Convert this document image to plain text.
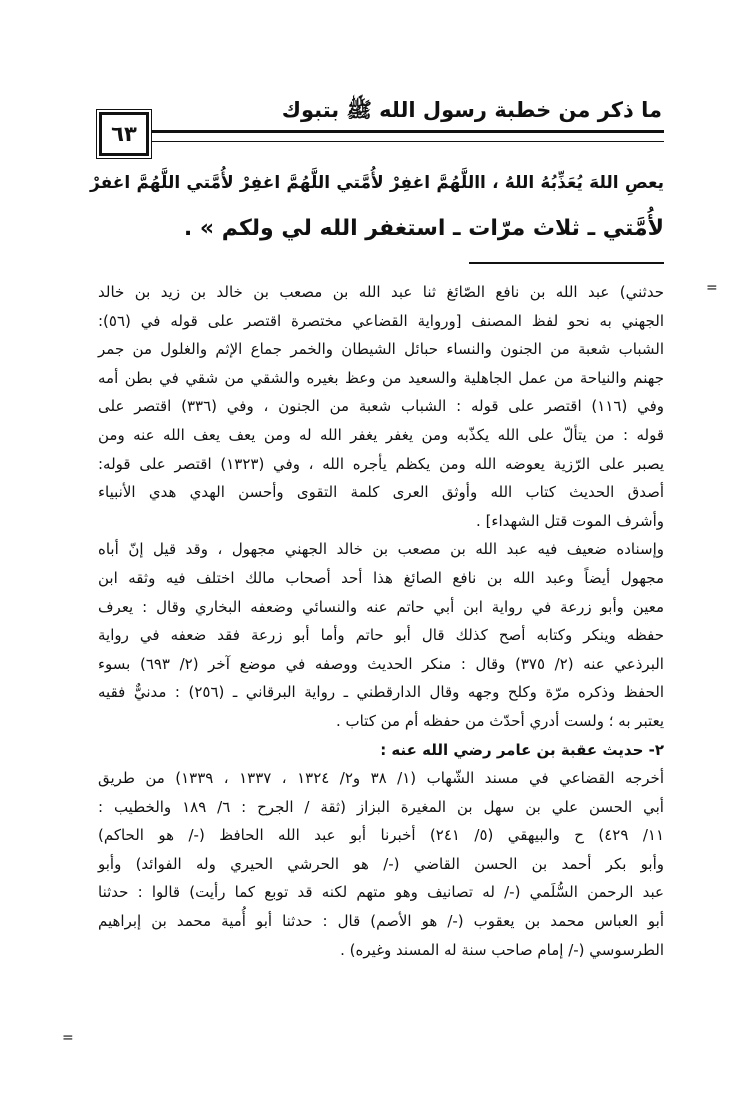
ما ذكر من خطبة رسول الله ﷺ بتبوك
٦٣
يعصِ اللهَ يُعَذِّبُهُ اللهُ ، االلَّهُمَّ اغفِرْ لأُمَّتي اللَّهُمَّ اغفِرْ لأُمَّتي اللَّهُمَّ اغفرْ
لأُمَّتي ـ ثلاث مرّات ـ استغفر الله لي ولكم » .
=
=
حدثني) عبد الله بن نافع الصّائغ ثنا عبد الله بن مصعب بن خالد بن زيد بن خالد
الجهني به نحو لفظ المصنف [ورواية القضاعي مختصرة اقتصر على قوله في (٥٦):
الشباب شعبة من الجنون والنساء حبائل الشيطان والخمر جماع الإثم والغلول من جمر
جهنم والنياحة من عمل الجاهلية والسعيد من وعظ بغيره والشقي من شقي في بطن أمه
وفي (١١٦) اقتصر على قوله : الشباب شعبة من الجنون ، وفي (٣٣٦) اقتصر على
قوله : من يتألّ على الله يكذّبه ومن يغفر يغفر الله له ومن يعف يعف الله عنه ومن
يصبر على الرّزية يعوضه الله ومن يكظم يأجره الله ، وفي (١٣٢٣) اقتصر على قوله:
أصدق الحديث كتاب الله وأوثق العرى كلمة التقوى وأحسن الهدي هدي الأنبياء
وأشرف الموت قتل الشهداء] .
وإسناده ضعيف فيه عبد الله بن مصعب بن خالد الجهني مجهول ، وقد قيل إنّ أباه
مجهول أيضاً وعبد الله بن نافع الصائغ هذا أحد أصحاب مالك اختلف فيه وثقه ابن
معين وأبو زرعة في رواية ابن أبي حاتم عنه والنسائي وضعفه البخاري وقال : يعرف
حفظه وينكر وكتابه أصح كذلك قال أبو حاتم وأما أبو زرعة فقد ضعفه في رواية
البرذعي عنه (٢/ ٣٧٥) وقال : منكر الحديث ووصفه في موضع آخر (٢/ ٦٩٣) بسوء
الحفظ وذكره مرّة وكلح وجهه وقال الدارقطني ـ رواية البرقاني ـ (٢٥٦) : مدنيٌّ فقيه
يعتبر به ؛ ولست أدري أحدّث من حفظه أم من كتاب .
٢- حديث عقبة بن عامر رضي الله عنه :
أخرجه القضاعي في مسند الشّهاب (١/ ٣٨ و٢/ ١٣٢٤ ، ١٣٣٧ ، ١٣٣٩) من طريق
أبي الحسن علي بن سهل بن المغيرة البزاز (ثقة / الجرح : ٦/ ١٨٩ والخطيب :
١١/ ٤٢٩) ح والبيهقي (٥/ ٢٤١) أخبرنا أبو عبد الله الحافظ (-/ هو الحاكم)
وأبو بكر أحمد بن الحسن القاضي (-/ هو الحرشي الحيري وله الفوائد) وأبو
عبد الرحمن السُّلَمي (-/ له تصانيف وهو متهم لكنه قد توبع كما رأيت) قالوا : حدثنا
أبو العباس محمد بن يعقوب (-/ هو الأصم) قال : حدثنا أبو أُمية محمد بن إبراهيم
الطرسوسي (-/ إمام صاحب سنة له المسند وغيره) .
